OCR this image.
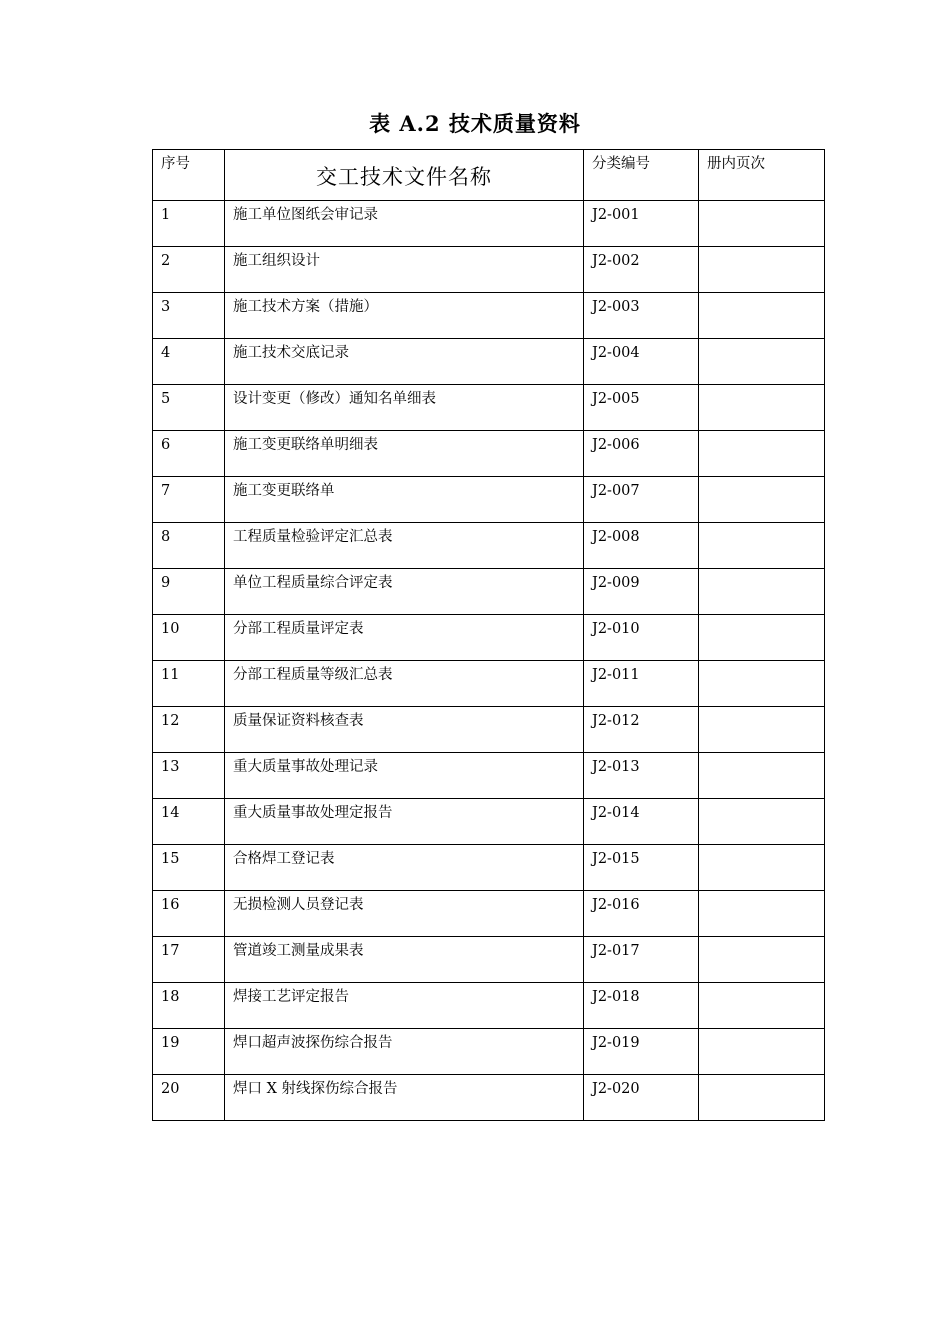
表 A.2 技术质量资料
序号	交工技术文件名称	分类编号	册内页次
1	施工单位图纸会审记录	J2-001	
2	施工组织设计	J2-002	
3	施工技术方案（措施）	J2-003	
4	施工技术交底记录	J2-004	
5	设计变更（修改）通知名单细表	J2-005	
6	施工变更联络单明细表	J2-006	
7	施工变更联络单	J2-007	
8	工程质量检验评定汇总表	J2-008	
9	单位工程质量综合评定表	J2-009	
10	分部工程质量评定表	J2-010	
11	分部工程质量等级汇总表	J2-011	
12	质量保证资料核查表	J2-012	
13	重大质量事故处理记录	J2-013	
14	重大质量事故处理定报告	J2-014	
15	合格焊工登记表	J2-015	
16	无损检测人员登记表	J2-016	
17	管道竣工测量成果表	J2-017	
18	焊接工艺评定报告	J2-018	
19	焊口超声波探伤综合报告	J2-019	
20	焊口 X 射线探伤综合报告	J2-020	
